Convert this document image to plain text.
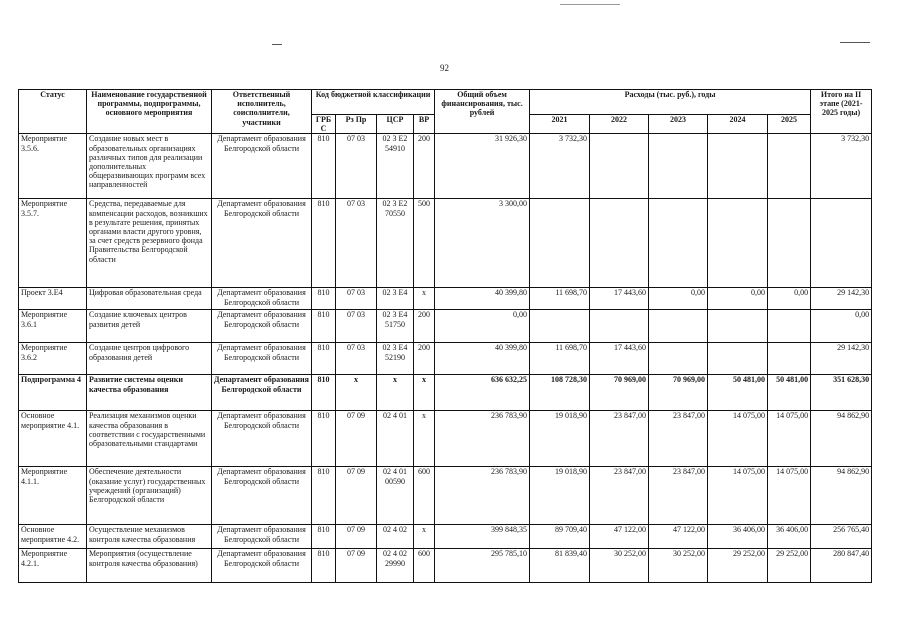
92
Статус	Наименование государственной программы, подпрограммы, основного мероприятия	Ответственный исполнитель, соисполнители, участники	Код бюджетной классификации				Общий объем финансирования, тыс. рублей	Расходы (тыс. руб.), годы					Итого на II этапе (2021-2025 годы)
			ГРБС	Рз Пр	ЦСР	ВР		2021	2022	2023	2024	2025	
Мероприятие 3.5.6.	Создание новых мест в образовательных организациях различных типов для реализации дополнительных общеразвивающих программ всех направленностей	Департамент образования Белгородской области	810	07 03	02 3 E2 54910	200	31 926,30	3 732,30					3 732,30
Мероприятие 3.5.7.	Средства, передаваемые для компенсации расходов, возникших в результате решения, принятых органами власти другого уровня, за счет средств резервного фонда Правительства Белгородской области	Департамент образования Белгородской области	810	07 03	02 3 E2 70550	500	3 300,00						
Проект 3.E4	Цифровая образовательная среда	Департамент образования Белгородской области	810	07 03	02 3 E4	х	40 399,80	11 698,70	17 443,60	0,00	0,00	0,00	29 142,30
Мероприятие 3.6.1	Создание ключевых центров развития детей	Департамент образования Белгородской области	810	07 03	02 3 E4 51750	200	0,00						0,00
Мероприятие 3.6.2	Создание центров цифрового образования детей	Департамент образования Белгородской области	810	07 03	02 3 E4 52190	200	40 399,80	11 698,70	17 443,60				29 142,30
Подпрограмма 4	Развитие системы оценки качества образования	Департамент образования Белгородской области	810	х	х	х	636 632,25	108 728,30	70 969,00	70 969,00	50 481,00	50 481,00	351 628,30
Основное мероприятие 4.1.	Реализация механизмов оценки качества образования в соответствии с государственными образовательными стандартами	Департамент образования Белгородской области	810	07 09	02 4 01	х	236 783,90	19 018,90	23 847,00	23 847,00	14 075,00	14 075,00	94 862,90
Мероприятие 4.1.1.	Обеспечение деятельности (оказание услуг) государственных учреждений (организаций) Белгородской области	Департамент образования Белгородской области	810	07 09	02 4 01 00590	600	236 783,90	19 018,90	23 847,00	23 847,00	14 075,00	14 075,00	94 862,90
Основное мероприятие 4.2.	Осуществление механизмов контроля качества образования	Департамент образования Белгородской области	810	07 09	02 4 02	х	399 848,35	89 709,40	47 122,00	47 122,00	36 406,00	36 406,00	256 765,40
Мероприятие 4.2.1.	Мероприятия (осуществление контроля качества образования)	Департамент образования Белгородской области	810	07 09	02 4 02 29990	600	295 785,10	81 839,40	30 252,00	30 252,00	29 252,00	29 252,00	280 847,40
